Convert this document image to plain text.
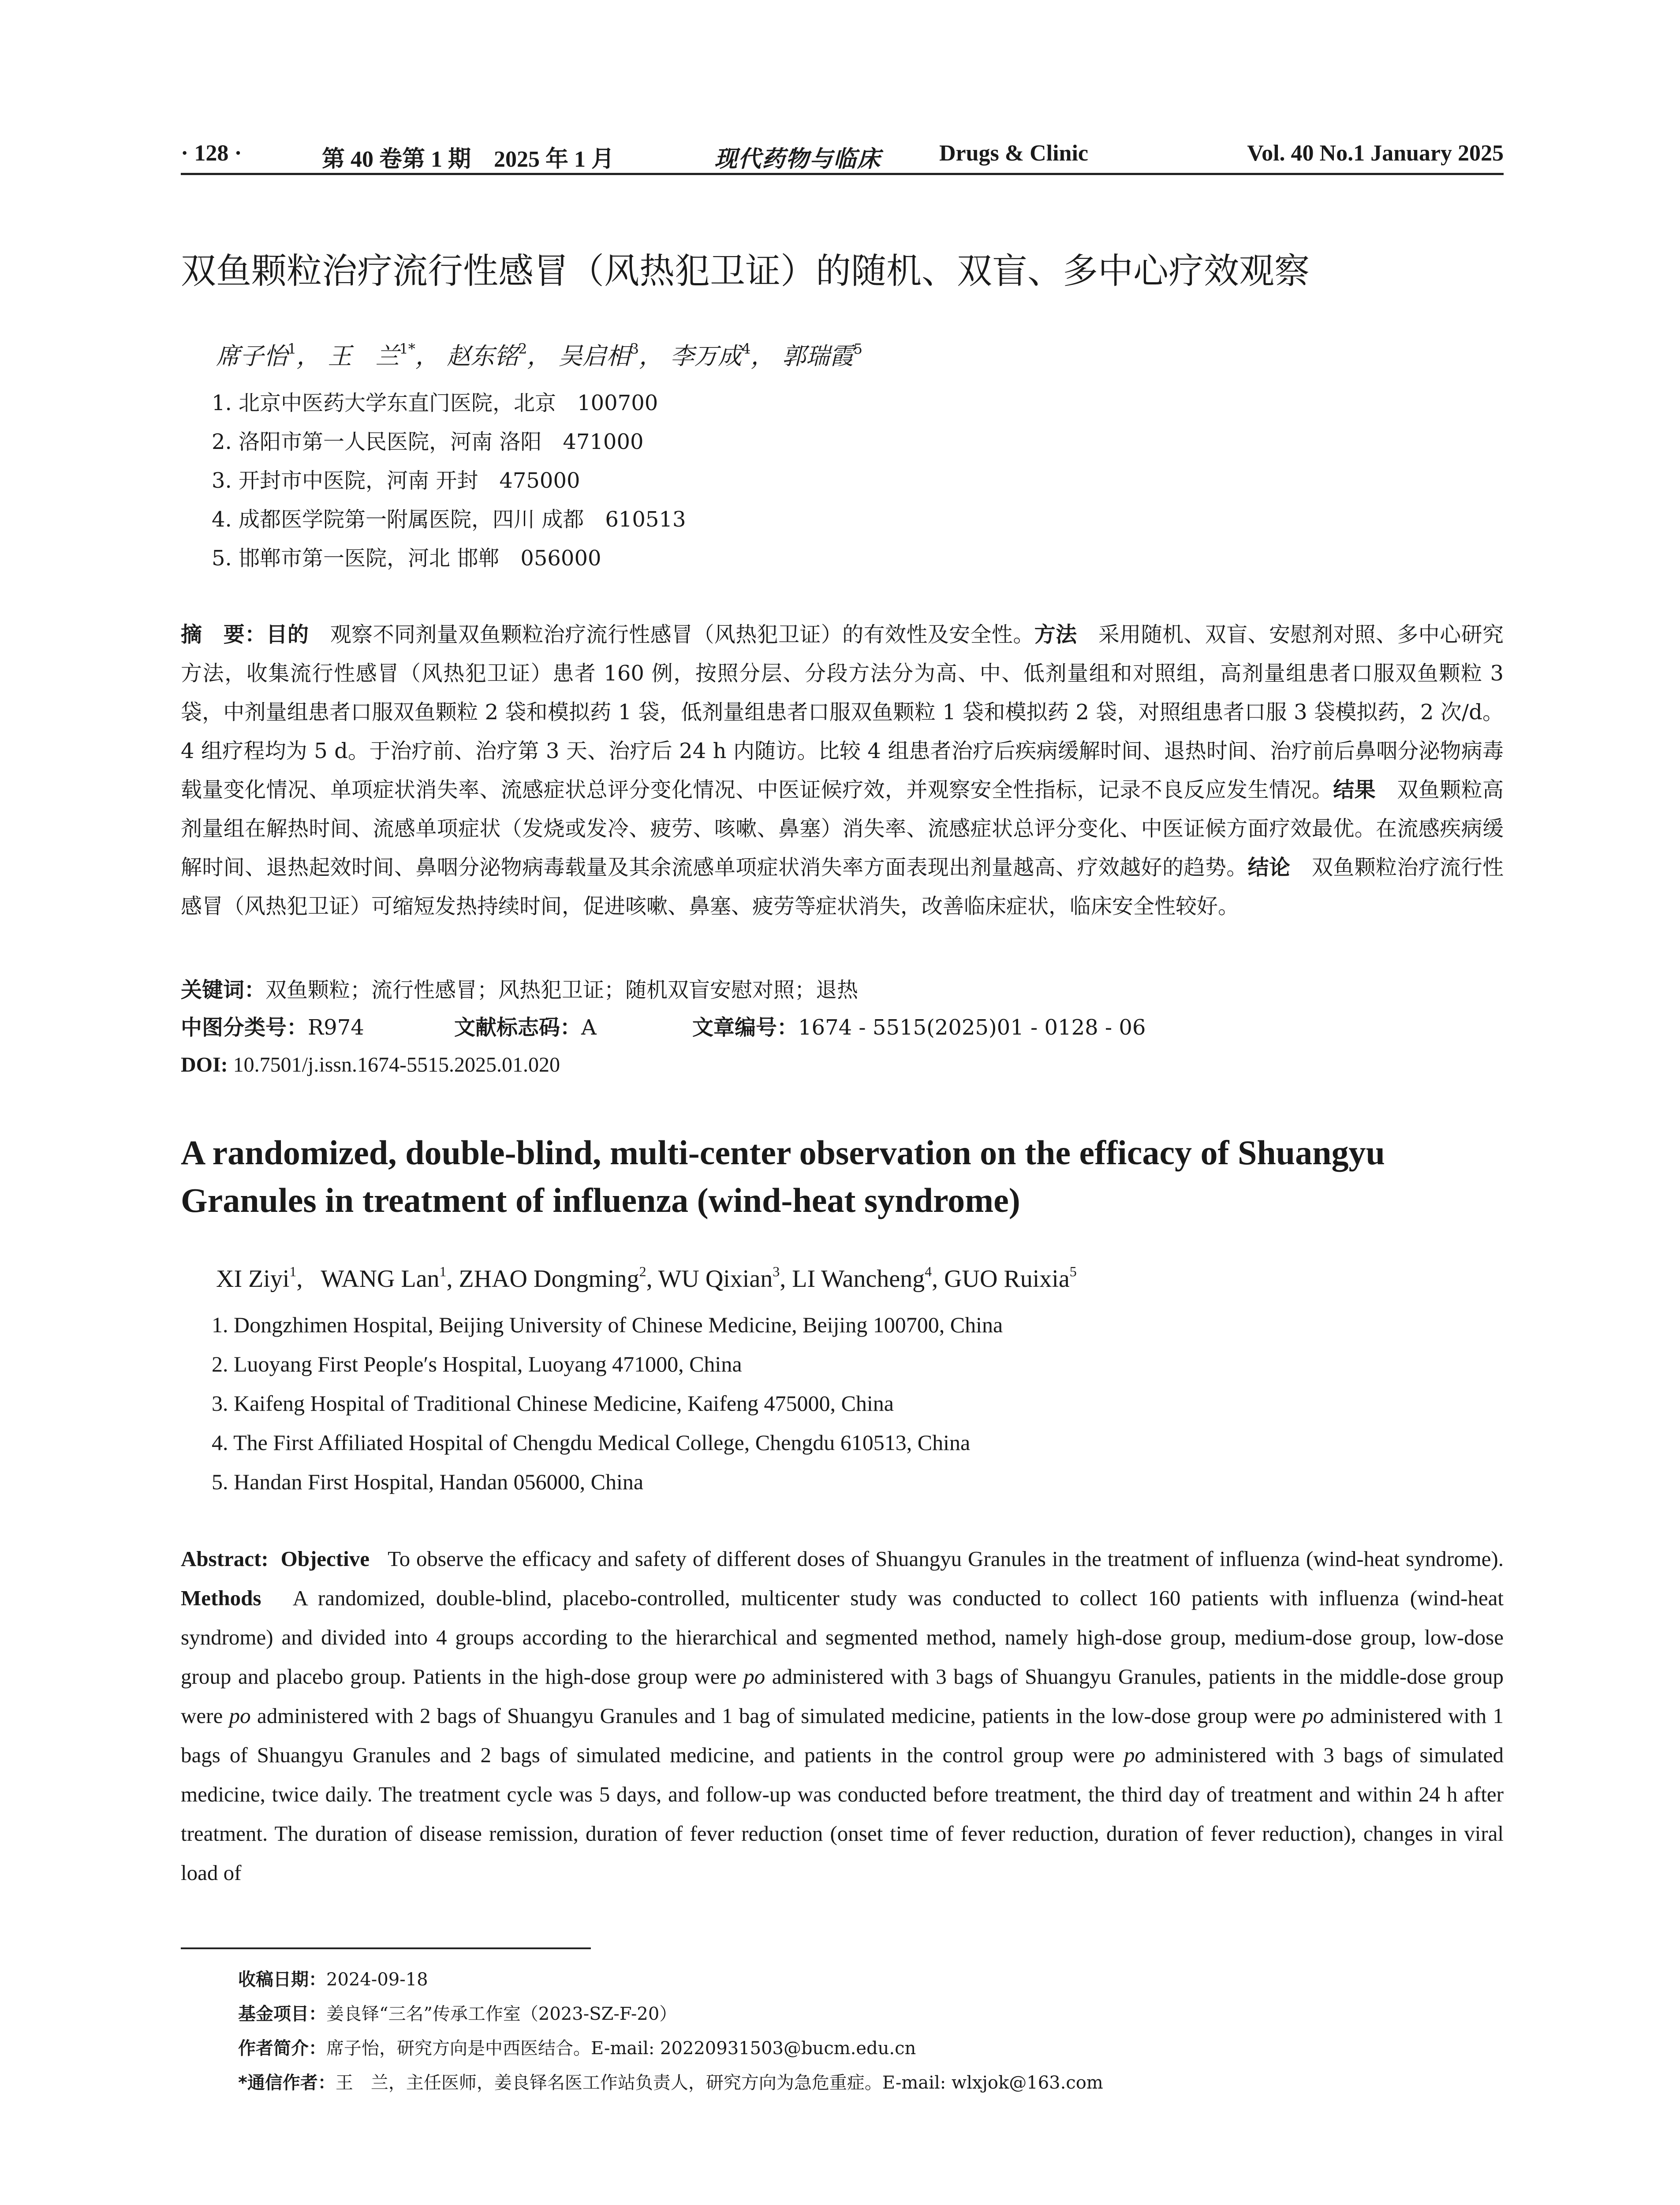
· 128 ·	第 40 卷第 1 期　2025 年 1 月	现代药物与临床	Drugs & Clinic	Vol. 40 No.1 January 2025
双鱼颗粒治疗流行性感冒（风热犯卫证）的随机、双盲、多中心疗效观察
席子怡$^1$， 王　兰$^{1*}$， 赵东铭$^2$， 吴启相$^3$， 李万成$^4$， 郭瑞霞$^5$
1. 北京中医药大学东直门医院，北京　100700
2. 洛阳市第一人民医院，河南 洛阳　471000
3. 开封市中医院，河南 开封　475000
4. 成都医学院第一附属医院，四川 成都　610513
5. 邯郸市第一医院，河北 邯郸　056000

摘　要：目的　 观察不同剂量双鱼颗粒治疗流行性感冒（风热犯卫证）的有效性及安全性。方法　 采用随机、双盲、安慰剂对照、多中心研究方法，收集流行性感冒（风热犯卫证）患者 160 例，按照分层、分段方法分为高、中、低剂量组和对照组，高剂量组患者口服双鱼颗粒 3 袋，中剂量组患者口服双鱼颗粒 2 袋和模拟药 1 袋，低剂量组患者口服双鱼颗粒 1 袋和模拟药 2 袋，对照组患者口服 3 袋模拟药，2 次/d。4 组疗程均为 5 d。于治疗前、治疗第 3 天、治疗后 24 h 内随访。比较 4 组患者治疗后疾病缓解时间、退热时间、治疗前后鼻咽分泌物病毒载量变化情况、单项症状消失率、流感症状总评分变化情况、中医证候疗效，并观察安全性指标，记录不良反应发生情况。结果　 双鱼颗粒高剂量组在解热时间、流感单项症状（发烧或发冷、疲劳、咳嗽、鼻塞）消失率、流感症状总评分变化、中医证候方面疗效最优。在流感疾病缓解时间、退热起效时间、鼻咽分泌物病毒载量及其余流感单项症状消失率方面表现出剂量越高、疗效越好的趋势。结论　 双鱼颗粒治疗流行性感冒（风热犯卫证）可缩短发热持续时间，促进咳嗽、鼻塞、疲劳等症状消失，改善临床症状，临床安全性较好。

关键词：双鱼颗粒；流行性感冒；风热犯卫证；随机双盲安慰对照；退热
中图分类号：R974	文献标志码：A	文章编号：1674 - 5515(2025)01 - 0128 - 06
DOI: 10.7501/j.issn.1674-5515.2025.01.020
A randomized, double-blind, multi-center observation on the efficacy of Shuangyu Granules in treatment of influenza (wind-heat syndrome)
XI Ziyi$^1$,   WANG Lan$^1$, ZHAO Dongming$^2$, WU Qixian$^3$, LI Wancheng$^4$, GUO Ruixia$^5$
1. Dongzhimen Hospital, Beijing University of Chinese Medicine, Beijing 100700, China
2. Luoyang First People′s Hospital, Luoyang 471000, China
3. Kaifeng Hospital of Traditional Chinese Medicine, Kaifeng 475000, China
4. The First Affiliated Hospital of Chengdu Medical College, Chengdu 610513, China
5. Handan First Hospital, Handan 056000, China

Abstract: Objective To observe the efficacy and safety of different doses of Shuangyu Granules in the treatment of influenza (wind-heat syndrome). Methods A randomized, double-blind, placebo-controlled, multicenter study was conducted to collect 160 patients with influenza (wind-heat syndrome) and divided into 4 groups according to the hierarchical and segmented method, namely high-dose group, medium-dose group, low-dose group and placebo group. Patients in the high-dose group were po administered with 3 bags of Shuangyu Granules, patients in the middle-dose group were po administered with 2 bags of Shuangyu Granules and 1 bag of simulated medicine, patients in the low-dose group were po administered with 1 bags of Shuangyu Granules and 2 bags of simulated medicine, and patients in the control group were po administered with 3 bags of simulated medicine, twice daily. The treatment cycle was 5 days, and follow-up was conducted before treatment, the third day of treatment and within 24 h after treatment. The duration of disease remission, duration of fever reduction (onset time of fever reduction, duration of fever reduction), changes in viral load of

收稿日期：2024-09-18
基金项目：姜良铎“三名”传承工作室（2023-SZ-F-20）
作者简介：席子怡，研究方向是中西医结合。E-mail: 20220931503@bucm.edu.cn
*通信作者：王　兰，主任医师，姜良铎名医工作站负责人，研究方向为急危重症。E-mail: wlxjok@163.com
